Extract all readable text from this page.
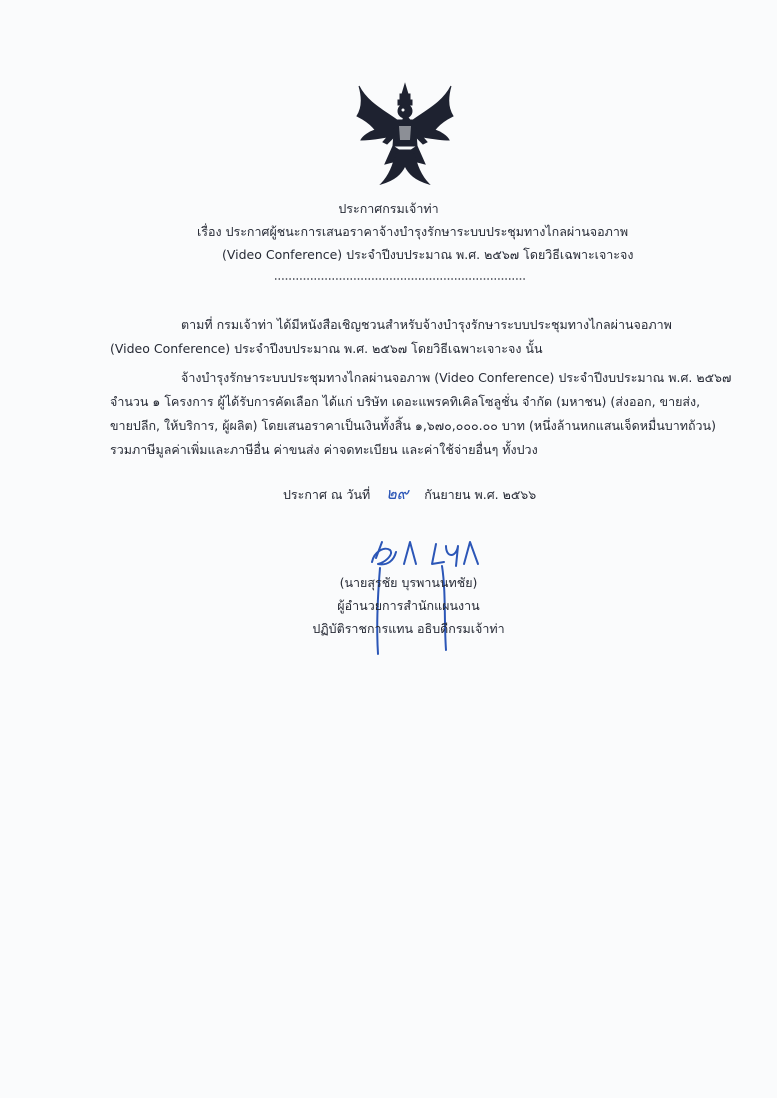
ประกาศกรมเจ้าท่า
เรื่อง ประกาศผู้ชนะการเสนอราคาจ้างบำรุงรักษาระบบประชุมทางไกลผ่านจอภาพ
(Video Conference) ประจำปีงบประมาณ พ.ศ. ๒๕๖๗ โดยวิธีเฉพาะเจาะจง
ตามที่ กรมเจ้าท่า ได้มีหนังสือเชิญชวนสำหรับจ้างบำรุงรักษาระบบประชุมทางไกลผ่านจอภาพ
(Video Conference) ประจำปีงบประมาณ พ.ศ. ๒๕๖๗ โดยวิธีเฉพาะเจาะจง นั้น
จ้างบำรุงรักษาระบบประชุมทางไกลผ่านจอภาพ (Video Conference) ประจำปีงบประมาณ พ.ศ. ๒๕๖๗
จำนวน ๑ โครงการ ผู้ได้รับการคัดเลือก ได้แก่ บริษัท เดอะแพรคทิเคิลโซลูชั่น จำกัด (มหาชน) (ส่งออก, ขายส่ง,
ขายปลีก, ให้บริการ, ผู้ผลิต) โดยเสนอราคาเป็นเงินทั้งสิ้น ๑,๖๗๐,๐๐๐.๐๐ บาท (หนึ่งล้านหกแสนเจ็ดหมื่นบาทถ้วน)
รวมภาษีมูลค่าเพิ่มและภาษีอื่น ค่าขนส่ง ค่าจดทะเบียน และค่าใช้จ่ายอื่นๆ ทั้งปวง
ประกาศ ณ วันที่ ๒๙ กันยายน พ.ศ. ๒๕๖๖
(นายสุรชัย บุรพานนทชัย)
ผู้อำนวยการสำนักแผนงาน
ปฏิบัติราชการแทน อธิบดีกรมเจ้าท่า
